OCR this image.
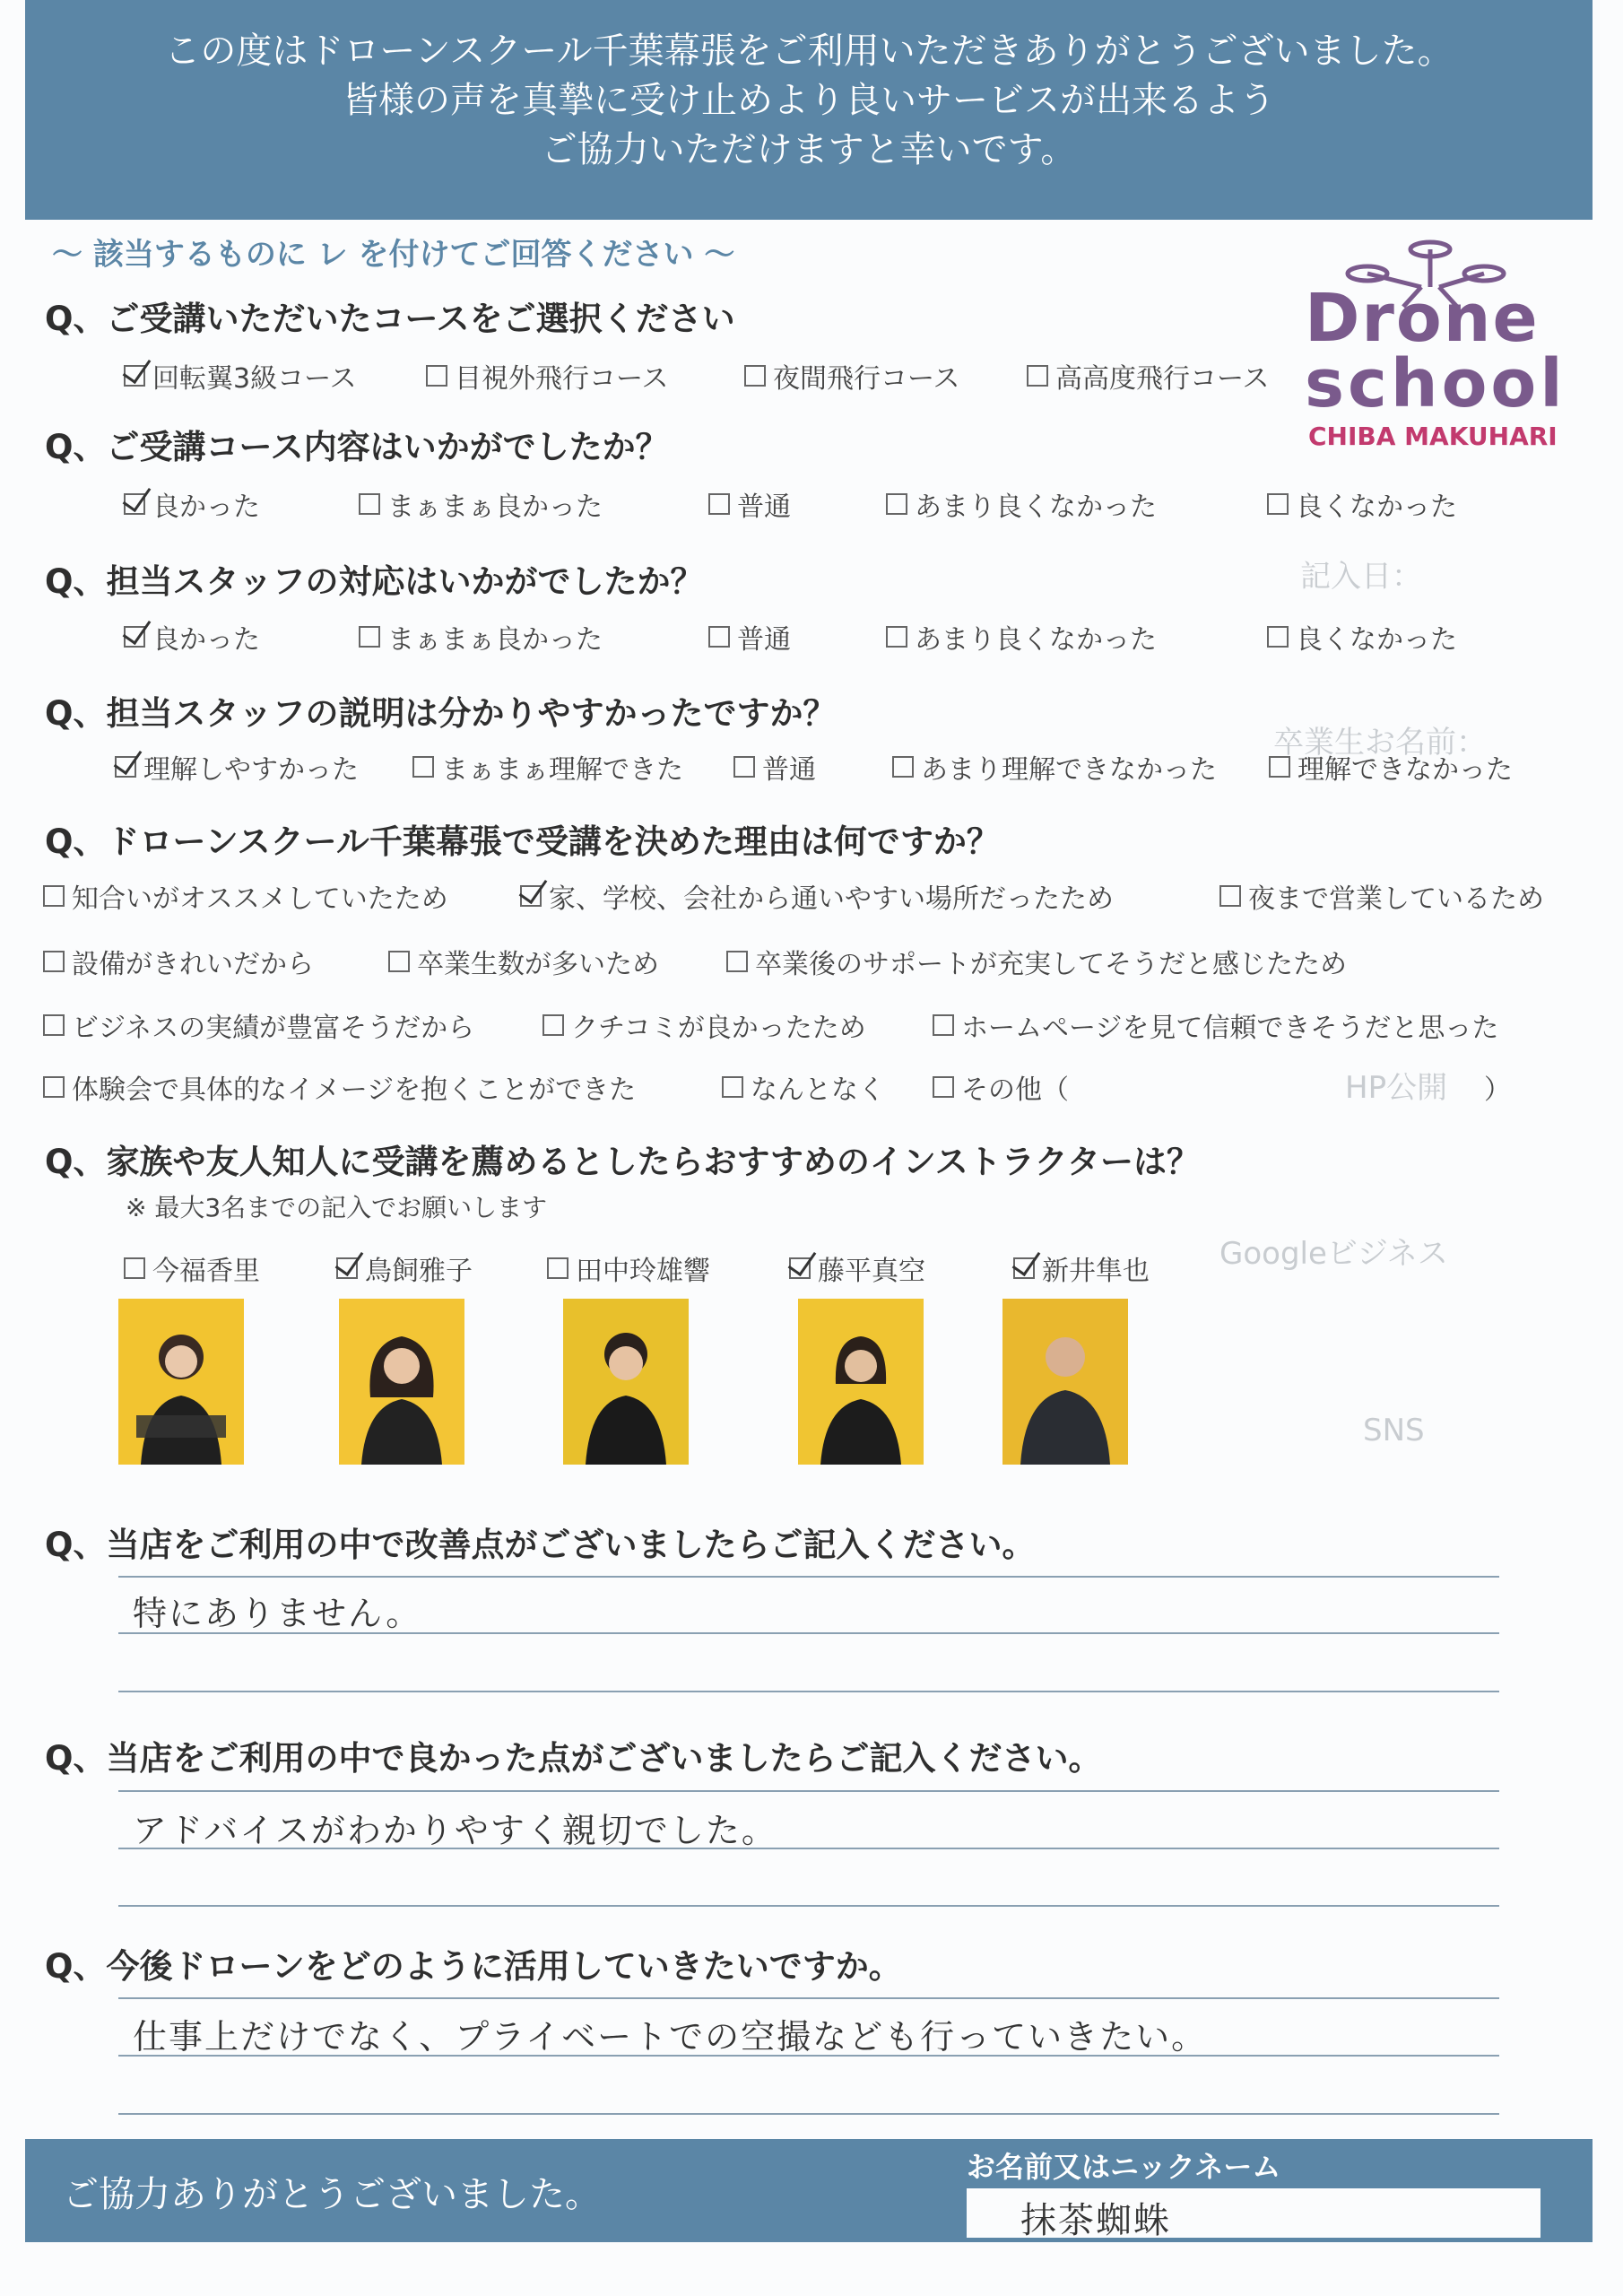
この度はドローンスクール千葉幕張をご利用いただきありがとうございました。
皆様の声を真摯に受け止めより良いサービスが出来るよう
ご協力いただけますと幸いです。
～ 該当するものに レ を付けてご回答ください ～
記入日：
卒業生お名前：
HP公開
Googleビジネス
SNS
Drone
school
CHIBA MAKUHARI
Q、ご受講いただいたコースをご選択ください
回転翼3級コース	目視外飛行コース	夜間飛行コース	高高度飛行コース
Q、ご受講コース内容はいかがでしたか？
良かった	まぁまぁ良かった	普通	あまり良くなかった	良くなかった
Q、担当スタッフの対応はいかがでしたか？
良かった	まぁまぁ良かった	普通	あまり良くなかった	良くなかった
Q、担当スタッフの説明は分かりやすかったですか？
理解しやすかった	まぁまぁ理解できた	普通	あまり理解できなかった	理解できなかった
Q、ドローンスクール千葉幕張で受講を決めた理由は何ですか？
知合いがオススメしていたため	家、学校、会社から通いやすい場所だったため	夜まで営業しているため
設備がきれいだから	卒業生数が多いため	卒業後のサポートが充実してそうだと感じたため
ビジネスの実績が豊富そうだから	クチコミが良かったため	ホームページを見て信頼できそうだと思った
体験会で具体的なイメージを抱くことができた	なんとなく	その他（	）
Q、家族や友人知人に受講を薦めるとしたらおすすめのインストラクターは？
※ 最大3名までの記入でお願いします
今福香里	鳥飼雅子	田中玲雄響	藤平真空	新井隼也
Q、当店をご利用の中で改善点がございましたらご記入ください。
特にありません。
Q、当店をご利用の中で良かった点がございましたらご記入ください。
アドバイスがわかりやすく親切でした。
Q、今後ドローンをどのように活用していきたいですか。
仕事上だけでなく、プライベートでの空撮なども行っていきたい。
ご協力ありがとうございました。
お名前又はニックネーム
抹茶蜘蛛
